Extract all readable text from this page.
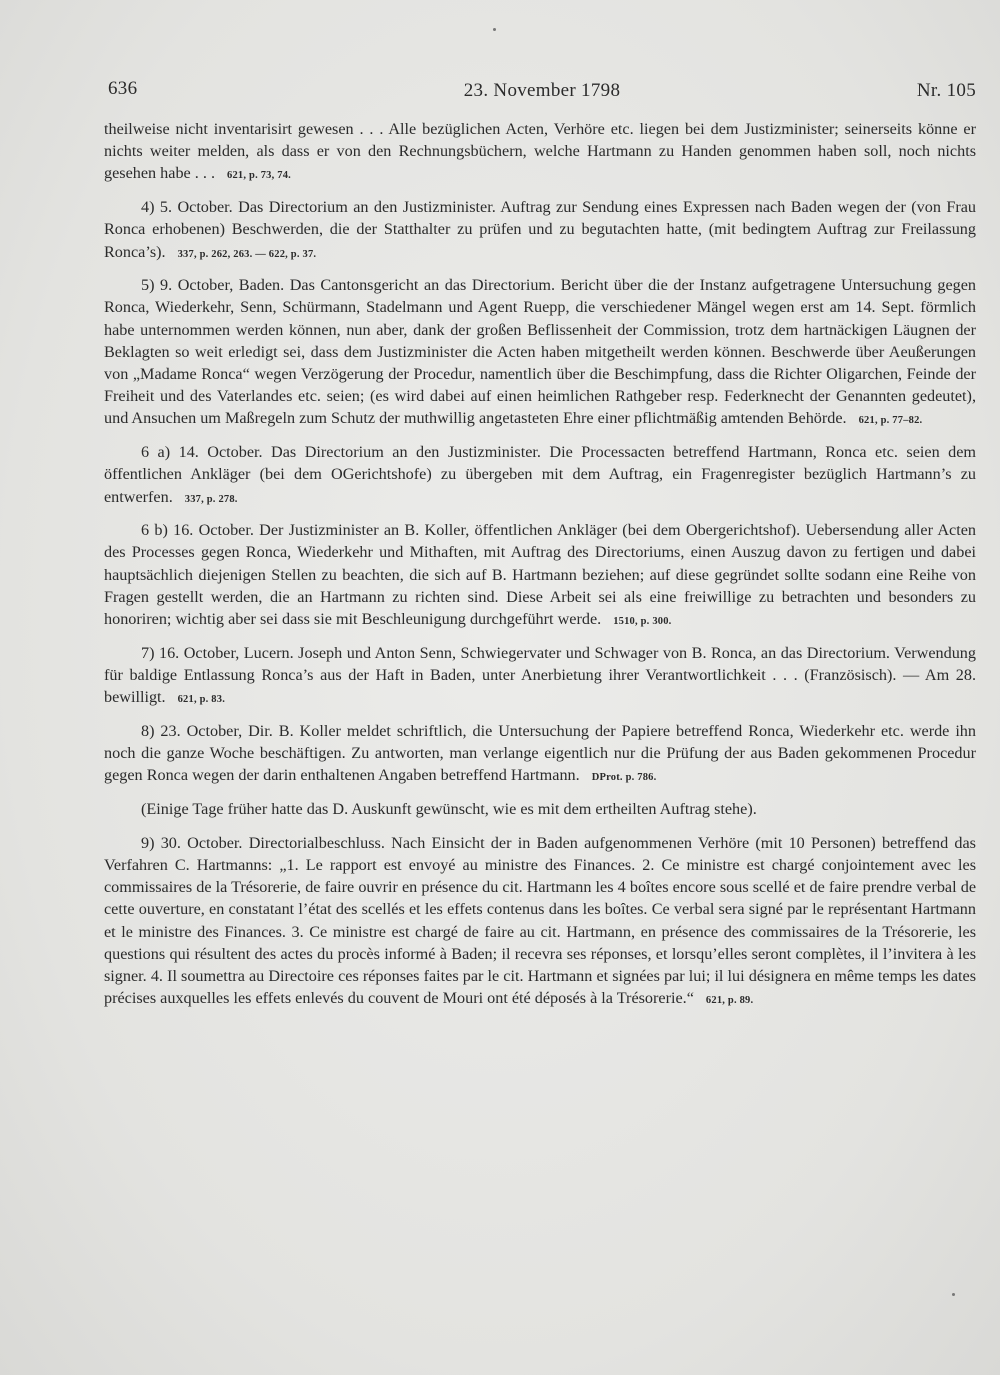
636	23. November 1798	Nr. 105

theilweise nicht inventarisirt gewesen . . . Alle bezüglichen Acten, Verhöre etc. liegen bei dem Justizminister; seinerseits könne er nichts weiter melden, als dass er von den Rechnungsbüchern, welche Hartmann zu Handen genommen haben soll, noch nichts gesehen habe . . . 621, p. 73, 74.

4) 5. October. Das Directorium an den Justizminister. Auftrag zur Sendung eines Expressen nach Baden wegen der (von Frau Ronca erhobenen) Beschwerden, die der Statthalter zu prüfen und zu begutachten hatte, (mit bedingtem Auftrag zur Freilassung Ronca’s). 337, p. 262, 263. — 622, p. 37.

5) 9. October, Baden. Das Cantonsgericht an das Directorium. Bericht über die der Instanz aufgetragene Untersuchung gegen Ronca, Wiederkehr, Senn, Schürmann, Stadelmann und Agent Ruepp, die verschiedener Mängel wegen erst am 14. Sept. förmlich habe unternommen werden können, nun aber, dank der großen Beflissenheit der Commission, trotz dem hartnäckigen Läugnen der Beklagten so weit erledigt sei, dass dem Justizminister die Acten haben mitgetheilt werden können. Beschwerde über Aeußerungen von „Madame Ronca“ wegen Verzögerung der Procedur, namentlich über die Beschimpfung, dass die Richter Oligarchen, Feinde der Freiheit und des Vaterlandes etc. seien; (es wird dabei auf einen heimlichen Rathgeber resp. Federknecht der Genannten gedeutet), und Ansuchen um Maßregeln zum Schutz der muthwillig angetasteten Ehre einer pflichtmäßig amtenden Behörde. 621, p. 77–82.

6 a) 14. October. Das Directorium an den Justizminister. Die Processacten betreffend Hartmann, Ronca etc. seien dem öffentlichen Ankläger (bei dem OGerichtshofe) zu übergeben mit dem Auftrag, ein Fragenregister bezüglich Hartmann’s zu entwerfen. 337, p. 278.

6 b) 16. October. Der Justizminister an B. Koller, öffentlichen Ankläger (bei dem Obergerichtshof). Uebersendung aller Acten des Processes gegen Ronca, Wiederkehr und Mithaften, mit Auftrag des Directoriums, einen Auszug davon zu fertigen und dabei hauptsächlich diejenigen Stellen zu beachten, die sich auf B. Hartmann beziehen; auf diese gegründet sollte sodann eine Reihe von Fragen gestellt werden, die an Hartmann zu richten sind. Diese Arbeit sei als eine freiwillige zu betrachten und besonders zu honoriren; wichtig aber sei dass sie mit Beschleunigung durchgeführt werde. 1510, p. 300.

7) 16. October, Lucern. Joseph und Anton Senn, Schwiegervater und Schwager von B. Ronca, an das Directorium. Verwendung für baldige Entlassung Ronca’s aus der Haft in Baden, unter Anerbietung ihrer Verantwortlichkeit . . . (Französisch). — Am 28. bewilligt. 621, p. 83.

8) 23. October, Dir. B. Koller meldet schriftlich, die Untersuchung der Papiere betreffend Ronca, Wiederkehr etc. werde ihn noch die ganze Woche beschäftigen. Zu antworten, man verlange eigentlich nur die Prüfung der aus Baden gekommenen Procedur gegen Ronca wegen der darin enthaltenen Angaben betreffend Hartmann. DProt. p. 786.

(Einige Tage früher hatte das D. Auskunft gewünscht, wie es mit dem ertheilten Auftrag stehe).

9) 30. October. Directorialbeschluss. Nach Einsicht der in Baden aufgenommenen Verhöre (mit 10 Personen) betreffend das Verfahren C. Hartmanns: „1. Le rapport est envoyé au ministre des Finances. 2. Ce ministre est chargé conjointement avec les commissaires de la Trésorerie, de faire ouvrir en présence du cit. Hartmann les 4 boîtes encore sous scellé et de faire prendre verbal de cette ouverture, en constatant l’état des scellés et les effets contenus dans les boîtes. Ce verbal sera signé par le représentant Hartmann et le ministre des Finances. 3. Ce ministre est chargé de faire au cit. Hartmann, en présence des commissaires de la Trésorerie, les questions qui résultent des actes du procès informé à Baden; il recevra ses réponses, et lorsqu’elles seront complètes, il l’invitera à les signer. 4. Il soumettra au Directoire ces réponses faites par le cit. Hartmann et signées par lui; il lui désignera en même temps les dates précises auxquelles les effets enlevés du couvent de Mouri ont été déposés à la Trésorerie.“ 621, p. 89.
